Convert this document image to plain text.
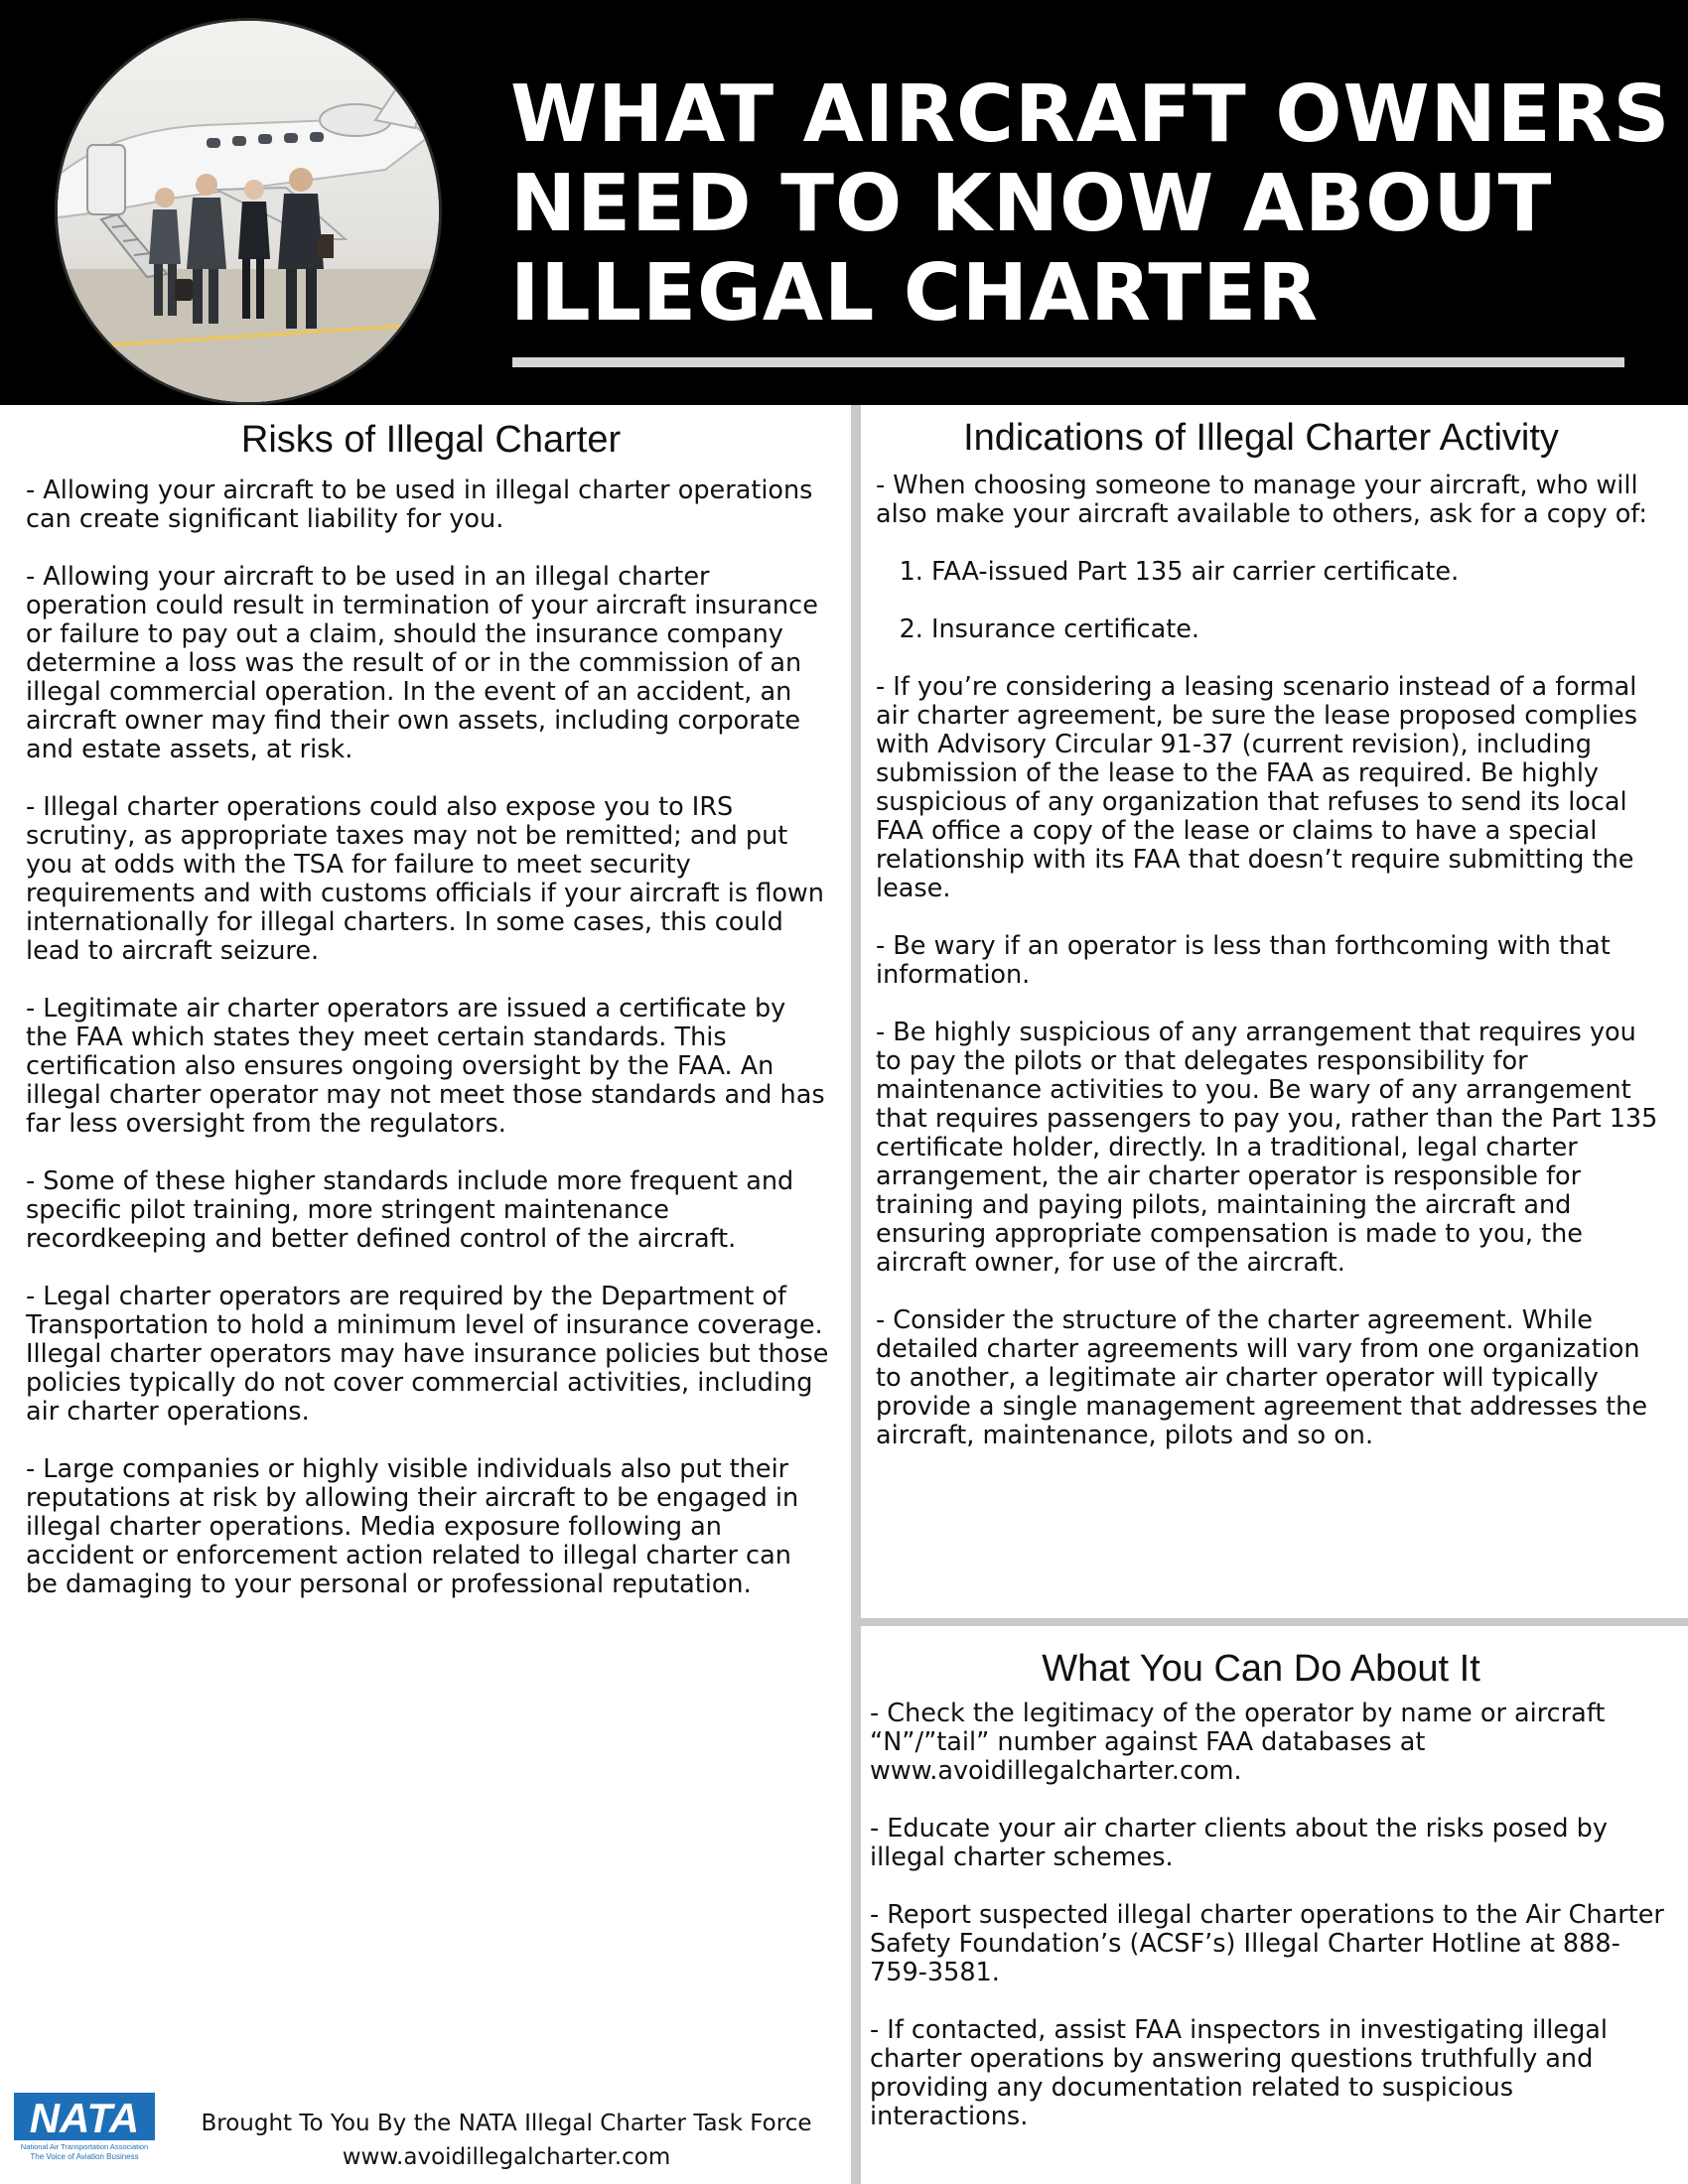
WHAT AIRCRAFT OWNERS
NEED TO KNOW ABOUT
ILLEGAL CHARTER
Risks of Illegal Charter

- Allowing your aircraft to be used in illegal charter operations can create significant liability for you.

- Allowing your aircraft to be used in an illegal charter operation could result in termination of your aircraft insurance or failure to pay out a claim, should the insurance company determine a loss was the result of or in the commission of an illegal commercial operation. In the event of an accident, an aircraft owner may find their own assets, including corporate and estate assets, at risk.

- Illegal charter operations could also expose you to IRS scrutiny, as appropriate taxes may not be remitted; and put you at odds with the TSA for failure to meet security requirements and with customs officials if your aircraft is flown internationally for illegal charters. In some cases, this could lead to aircraft seizure.

- Legitimate air charter operators are issued a certificate by the FAA which states they meet certain standards. This certification also ensures ongoing oversight by the FAA. An illegal charter operator may not meet those standards and has far less oversight from the regulators.

- Some of these higher standards include more frequent and specific pilot training, more stringent maintenance recordkeeping and better defined control of the aircraft.

- Legal charter operators are required by the Department of Transportation to hold a minimum level of insurance coverage. Illegal charter operators may have insurance policies but those policies typically do not cover commercial activities, including air charter operations.

- Large companies or highly visible individuals also put their reputations at risk by allowing their aircraft to be engaged in illegal charter operations. Media exposure following an accident or enforcement action related to illegal charter can be damaging to your personal or professional reputation.

Indications of Illegal Charter Activity

- When choosing someone to manage your aircraft, who will also make your aircraft available to others, ask for a copy of:

1. FAA-issued Part 135 air carrier certificate.
2. Insurance certificate.

- If you’re considering a leasing scenario instead of a formal air charter agreement, be sure the lease proposed complies with Advisory Circular 91-37 (current revision), including submission of the lease to the FAA as required. Be highly suspicious of any organization that refuses to send its local FAA office a copy of the lease or claims to have a special relationship with its FAA that doesn’t require submitting the lease.

- Be wary if an operator is less than forthcoming with that information.

- Be highly suspicious of any arrangement that requires you to pay the pilots or that delegates responsibility for maintenance activities to you. Be wary of any arrangement that requires passengers to pay you, rather than the Part 135 certificate holder, directly. In a traditional, legal charter arrangement, the air charter operator is responsible for training and paying pilots, maintaining the aircraft and ensuring appropriate compensation is made to you, the aircraft owner, for use of the aircraft.

- Consider the structure of the charter agreement. While detailed charter agreements will vary from one organization to another, a legitimate air charter operator will typically provide a single management agreement that addresses the aircraft, maintenance, pilots and so on.

What You Can Do About It

- Check the legitimacy of the operator by name or aircraft “N”/”tail” number against FAA databases at www.avoidillegalcharter.com.

- Educate your air charter clients about the risks posed by illegal charter schemes.

- Report suspected illegal charter operations to the Air Charter Safety Foundation’s (ACSF’s) Illegal Charter Hotline at 888-759-3581.

- If contacted, assist FAA inspectors in investigating illegal charter operations by answering questions truthfully and providing any documentation related to suspicious interactions.

NATA
National Air Transportation Association
The Voice of Aviation Business
Brought To You By the NATA Illegal Charter Task Force
www.avoidillegalcharter.com
